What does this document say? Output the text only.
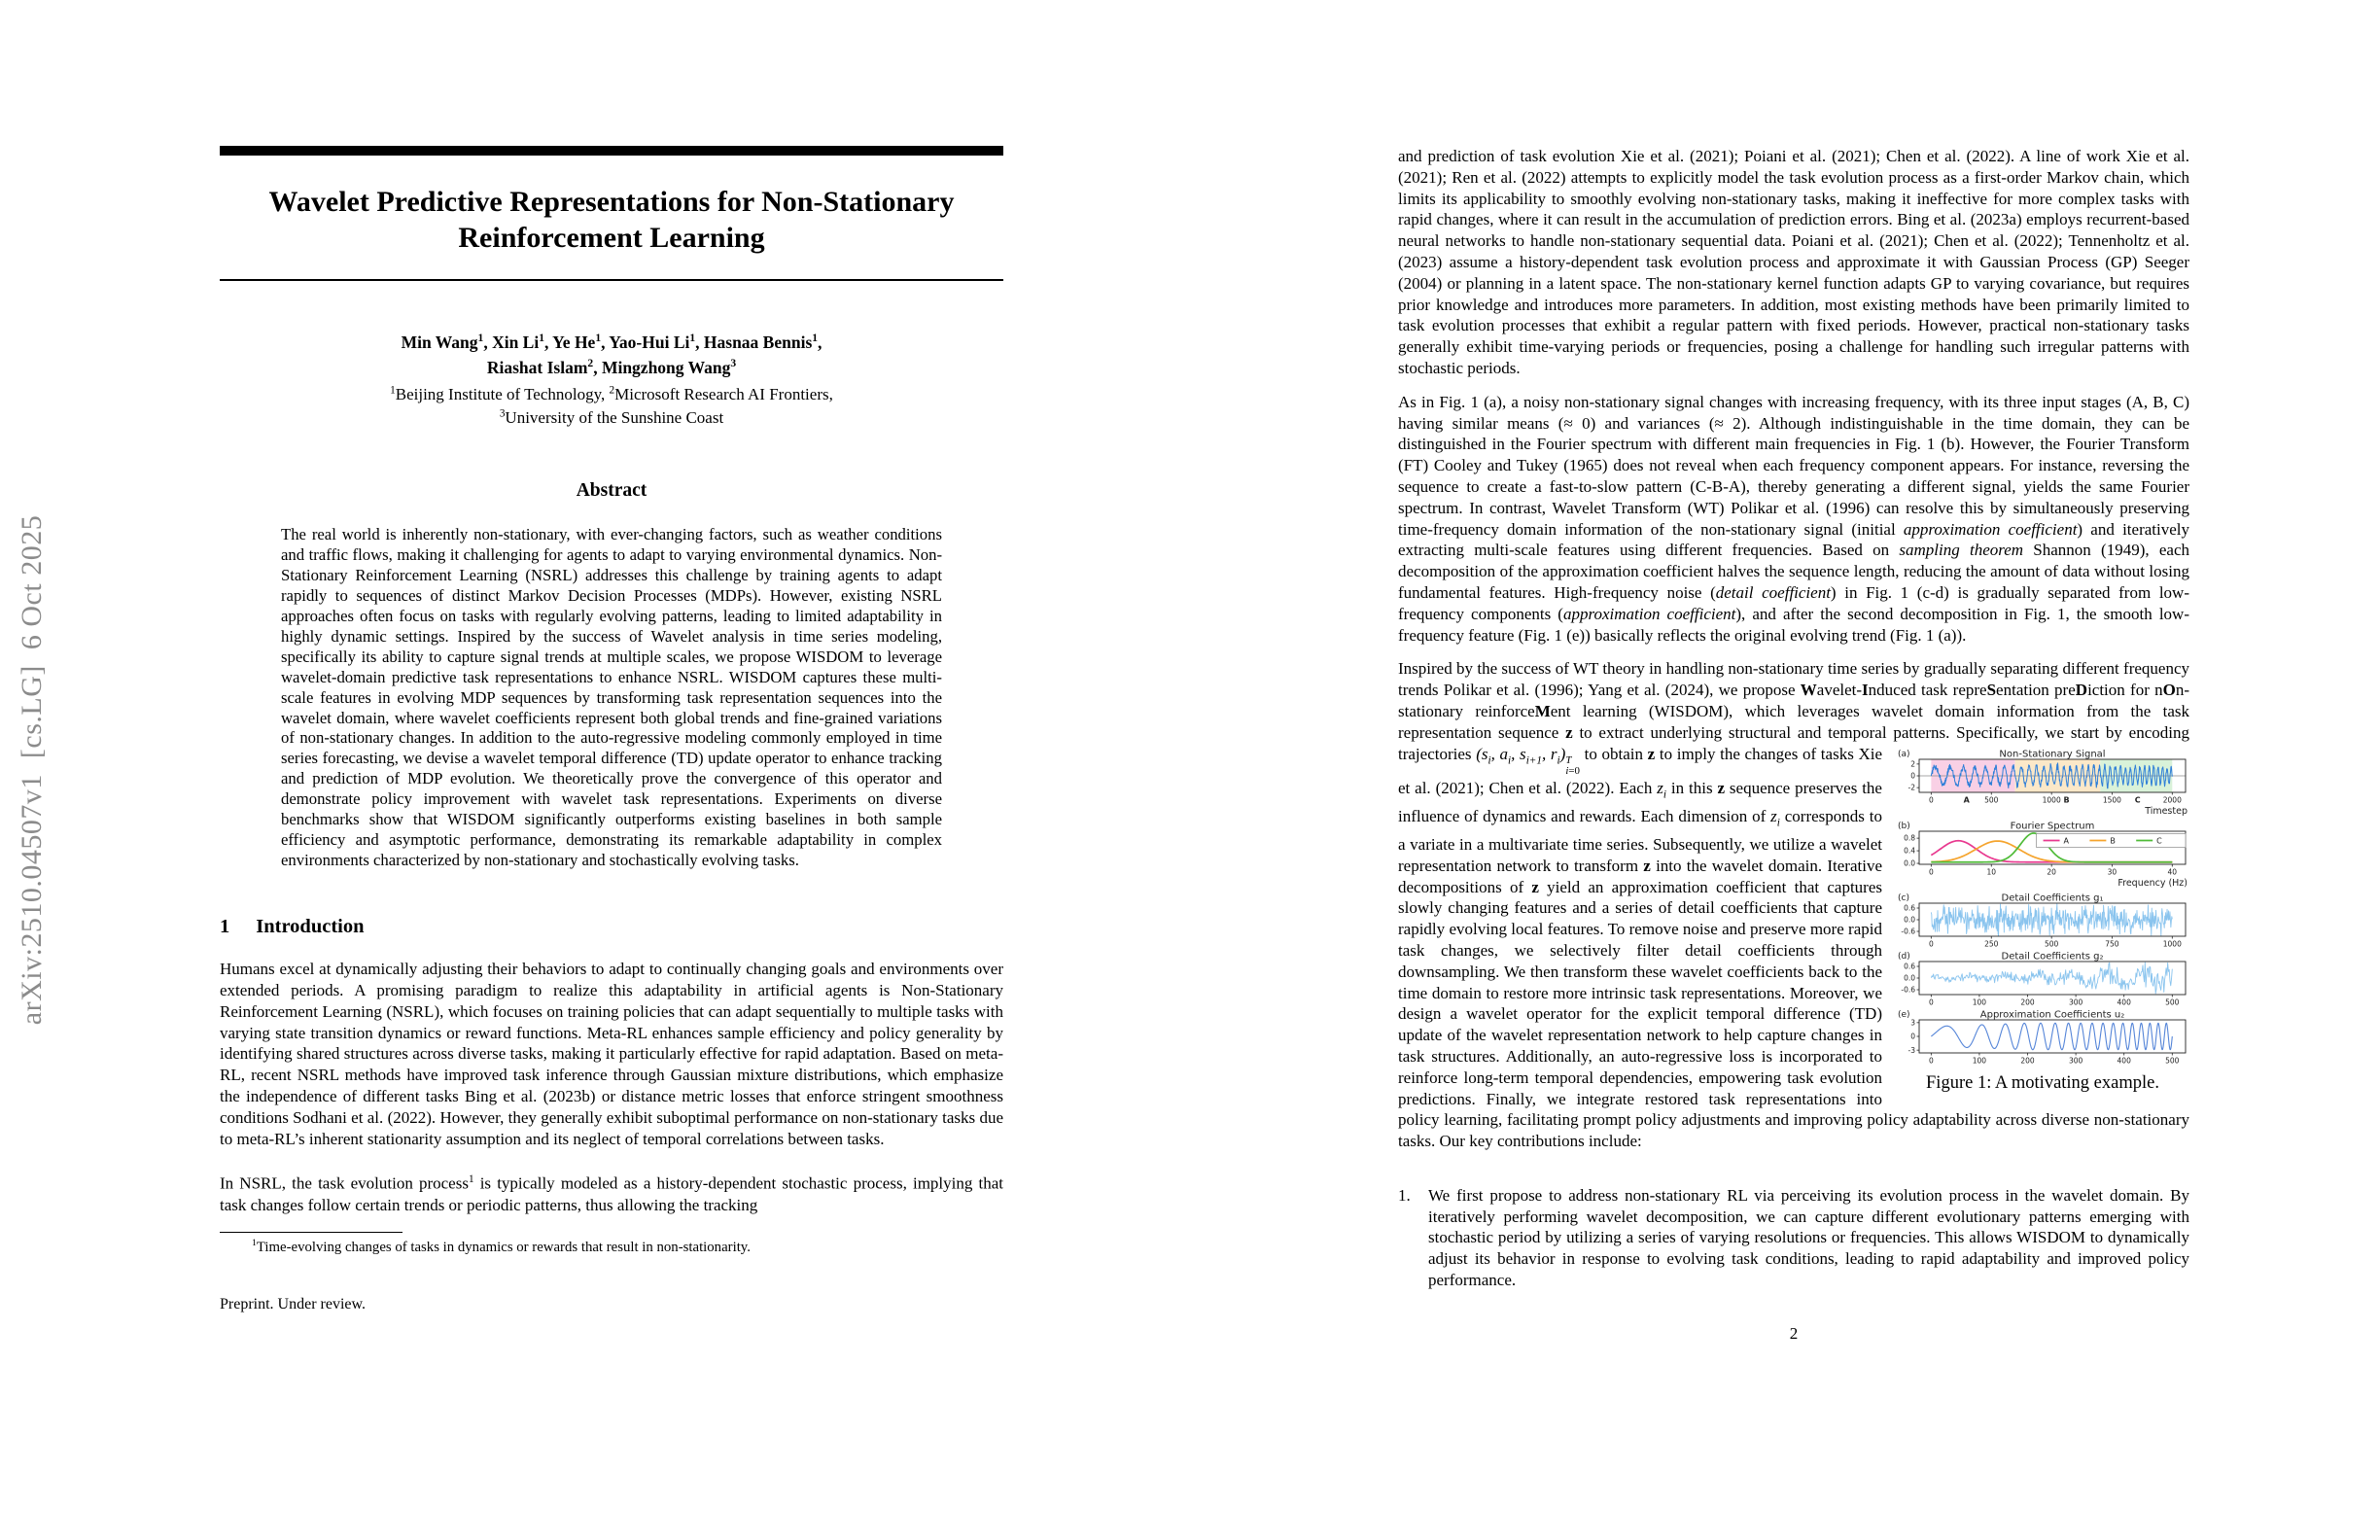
arXiv:2510.04507v1  [cs.LG]  6 Oct 2025
Wavelet Predictive Representations for Non-Stationary Reinforcement Learning
Min Wang$^1$, Xin Li$^1$, Ye He$^1$, Yao-Hui Li$^1$, Hasnaa Bennis$^1$,
Riashat Islam$^2$, Mingzhong Wang$^3$
$^1$Beijing Institute of Technology, $^2$Microsoft Research AI Frontiers,
$^3$University of the Sunshine Coast
Abstract
The real world is inherently non-stationary, with ever-changing factors, such as weather conditions and traffic flows, making it challenging for agents to adapt to varying environmental dynamics. Non-Stationary Reinforcement Learning (NSRL) addresses this challenge by training agents to adapt rapidly to sequences of distinct Markov Decision Processes (MDPs). However, existing NSRL approaches often focus on tasks with regularly evolving patterns, leading to limited adaptability in highly dynamic settings. Inspired by the success of Wavelet analysis in time series modeling, specifically its ability to capture signal trends at multiple scales, we propose WISDOM to leverage wavelet-domain predictive task representations to enhance NSRL. WISDOM captures these multi-scale features in evolving MDP sequences by transforming task representation sequences into the wavelet domain, where wavelet coefficients represent both global trends and fine-grained variations of non-stationary changes. In addition to the auto-regressive modeling commonly employed in time series forecasting, we devise a wavelet temporal difference (TD) update operator to enhance tracking and prediction of MDP evolution. We theoretically prove the convergence of this operator and demonstrate policy improvement with wavelet task representations. Experiments on diverse benchmarks show that WISDOM significantly outperforms existing baselines in both sample efficiency and asymptotic performance, demonstrating its remarkable adaptability in complex environments characterized by non-stationary and stochastically evolving tasks.
1 Introduction
Humans excel at dynamically adjusting their behaviors to adapt to continually changing goals and environments over extended periods. A promising paradigm to realize this adaptability in artificial agents is Non-Stationary Reinforcement Learning (NSRL), which focuses on training policies that can adapt sequentially to multiple tasks with varying state transition dynamics or reward functions. Meta-RL enhances sample efficiency and policy generality by identifying shared structures across diverse tasks, making it particularly effective for rapid adaptation. Based on meta-RL, recent NSRL methods have improved task inference through Gaussian mixture distributions, which emphasize the independence of different tasks Bing et al. (2023b) or distance metric losses that enforce stringent smoothness conditions Sodhani et al. (2022). However, they generally exhibit suboptimal performance on non-stationary tasks due to meta-RL’s inherent stationarity assumption and its neglect of temporal correlations between tasks.
In NSRL, the task evolution process$^1$ is typically modeled as a history-dependent stochastic process, implying that task changes follow certain trends or periodic patterns, thus allowing the tracking
$^1$Time-evolving changes of tasks in dynamics or rewards that result in non-stationarity.
Preprint. Under review.
and prediction of task evolution Xie et al. (2021); Poiani et al. (2021); Chen et al. (2022). A line of work Xie et al. (2021); Ren et al. (2022) attempts to explicitly model the task evolution process as a first-order Markov chain, which limits its applicability to smoothly evolving non-stationary tasks, making it ineffective for more complex tasks with rapid changes, where it can result in the accumulation of prediction errors. Bing et al. (2023a) employs recurrent-based neural networks to handle non-stationary sequential data. Poiani et al. (2021); Chen et al. (2022); Tennenholtz et al. (2023) assume a history-dependent task evolution process and approximate it with Gaussian Process (GP) Seeger (2004) or planning in a latent space. The non-stationary kernel function adapts GP to varying covariance, but requires prior knowledge and introduces more parameters. In addition, most existing methods have been primarily limited to task evolution processes that exhibit a regular pattern with fixed periods. However, practical non-stationary tasks generally exhibit time-varying periods or frequencies, posing a challenge for handling such irregular patterns with stochastic periods.
As in Fig. 1 (a), a noisy non-stationary signal changes with increasing frequency, with its three input stages (A, B, C) having similar means (≈ 0) and variances (≈ 2). Although indistinguishable in the time domain, they can be distinguished in the Fourier spectrum with different main frequencies in Fig. 1 (b). However, the Fourier Transform (FT) Cooley and Tukey (1965) does not reveal when each frequency component appears. For instance, reversing the sequence to create a fast-to-slow pattern (C-B-A), thereby generating a different signal, yields the same Fourier spectrum. In contrast, Wavelet Transform (WT) Polikar et al. (1996) can resolve this by simultaneously preserving time-frequency domain information of the non-stationary signal (initial approximation coefficient) and iteratively extracting multi-scale features using different frequencies. Based on sampling theorem Shannon (1949), each decomposition of the approximation coefficient halves the sequence length, reducing the amount of data without losing fundamental features. High-frequency noise (detail coefficient) in Fig. 1 (c-d) is gradually separated from low-frequency components (approximation coefficient), and after the second decomposition in Fig. 1, the smooth low-frequency feature (Fig. 1 (e)) basically reflects the original evolving trend (Fig. 1 (a)).
Inspired by the success of WT theory in handling non-stationary time series by gradually separating different frequency trends Polikar et al. (1996); Yang et al. (2024), we propose Wavelet-Induced task repreSentation preDiction for nOn-stationary reinforceMent learning (WISDOM), which leverages wavelet domain information from the task representation sequence z to extract underlying structural and temporal patterns. Specifically, we start by encoding trajectories	(a)	Non-Stationary Signal
2
0
-2
0	500	1000	1500	2000
A	B	C
Timestep
A	B	C
(b)	Fourier Spectrum
0.8
0.4
0.0
0	10	20	30	40
Frequency (Hz)
(c)	Detail Coefficients g₁
0.6
0.0
-0.6
0	250	500	750	1000
(d)	Detail Coefficients g₂
0.6
0.0
-0.6
0	100	200	300	400	500
(e)	Approximation Coefficients u₂
3
0
-3
0	100	200	300	400	500
Figure 1: A motivating example.
($s_i$, $a_i$, $s_{i+1}$, $r_i$) T
i=0
to obtain z to imply the changes of tasks Xie et al. (2021); Chen et al. (2022). Each $z_i$ in this z sequence preserves the influence of dynamics and rewards. Each dimension of $z_i$ corresponds to a variate in a multivariate time series. Subsequently, we utilize a wavelet representation network to transform z into the wavelet domain. Iterative decompositions of z yield an approximation coefficient that captures slowly changing features and a series of detail coefficients that capture rapidly evolving local features. To remove noise and preserve more rapid task changes, we selectively filter detail coefficients through downsampling. We then transform these wavelet coefficients back to the time domain to restore more intrinsic task representations. Moreover, we design a wavelet operator for the explicit temporal difference (TD) update of the wavelet representation network to help capture changes in task structures. Additionally, an auto-regressive loss is incorporated to reinforce long-term temporal dependencies, empowering task evolution predictions. Finally, we integrate restored task representations into policy learning, facilitating prompt policy adjustments and improving policy adaptability across diverse non-stationary tasks. Our key contributions include:
1.	We first propose to address non-stationary RL via perceiving its evolution process in the wavelet domain. By iteratively performing wavelet decomposition, we can capture different evolutionary patterns emerging with stochastic period by utilizing a series of varying resolutions or frequencies. This allows WISDOM to dynamically adjust its behavior in response to evolving task conditions, leading to rapid adaptability and improved policy performance.
2
